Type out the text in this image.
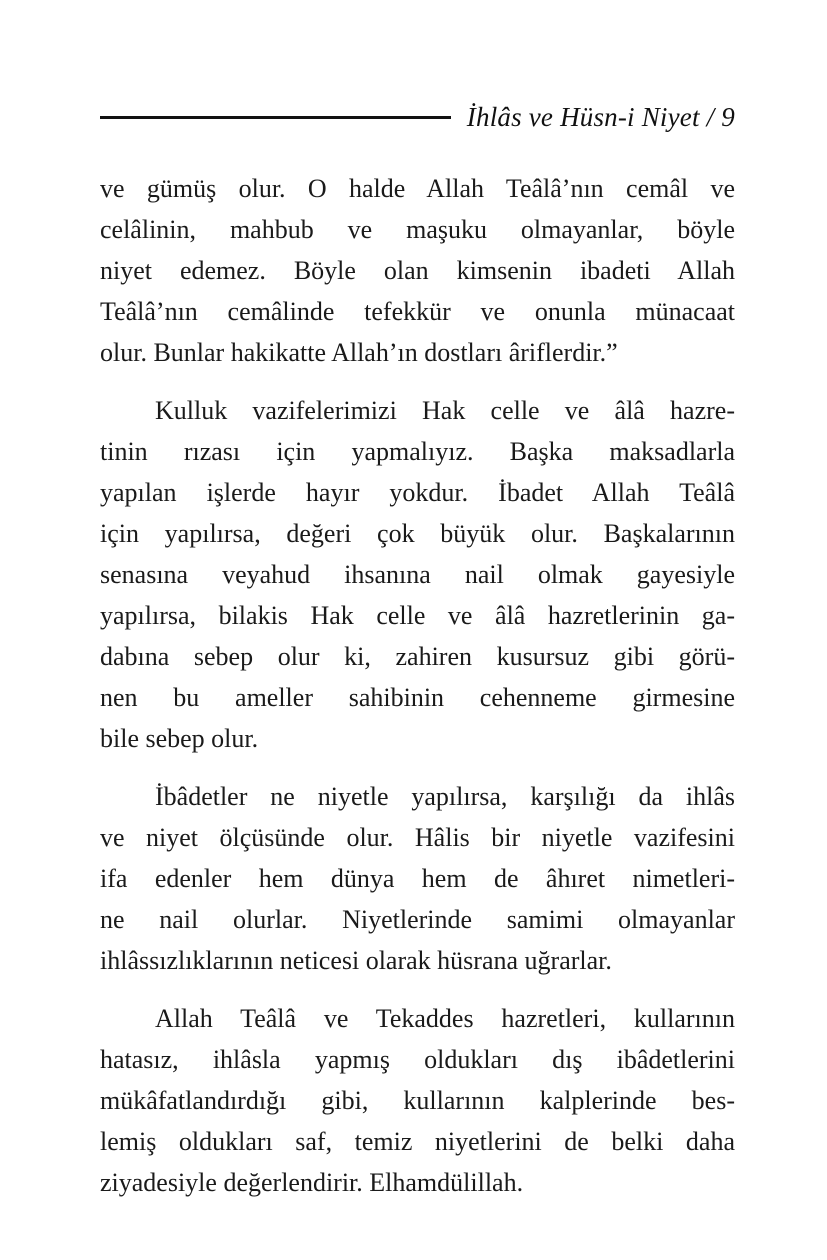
İhlâs ve Hüsn-i Niyet / 9
ve gümüş olur. O halde Allah Teâlâ’nın cemâl ve
celâlinin, mahbub ve maşuku olmayanlar, böyle
niyet edemez. Böyle olan kimsenin ibadeti Allah
Teâlâ’nın cemâlinde tefekkür ve onunla münacaat
olur. Bunlar hakikatte Allah’ın dostları âriflerdir.”
Kulluk vazifelerimizi Hak celle ve âlâ hazre-
tinin rızası için yapmalıyız. Başka maksadlarla
yapılan işlerde hayır yokdur. İbadet Allah Teâlâ
için yapılırsa, değeri çok büyük olur. Başkalarının
senasına veyahud ihsanına nail olmak gayesiyle
yapılırsa, bilakis Hak celle ve âlâ hazretlerinin ga-
dabına sebep olur ki, zahiren kusursuz gibi görü-
nen bu ameller sahibinin cehenneme girmesine
bile sebep olur.
İbâdetler ne niyetle yapılırsa, karşılığı da ihlâs
ve niyet ölçüsünde olur. Hâlis bir niyetle vazifesini
ifa edenler hem dünya hem de âhıret nimetleri-
ne nail olurlar. Niyetlerinde samimi olmayanlar
ihlâssızlıklarının neticesi olarak hüsrana uğrarlar.
Allah Teâlâ ve Tekaddes hazretleri, kullarının
hatasız, ihlâsla yapmış oldukları dış ibâdetlerini
mükâfatlandırdığı gibi, kullarının kalplerinde bes-
lemiş oldukları saf, temiz niyetlerini de belki daha
ziyadesiyle değerlendirir. Elhamdülillah.
